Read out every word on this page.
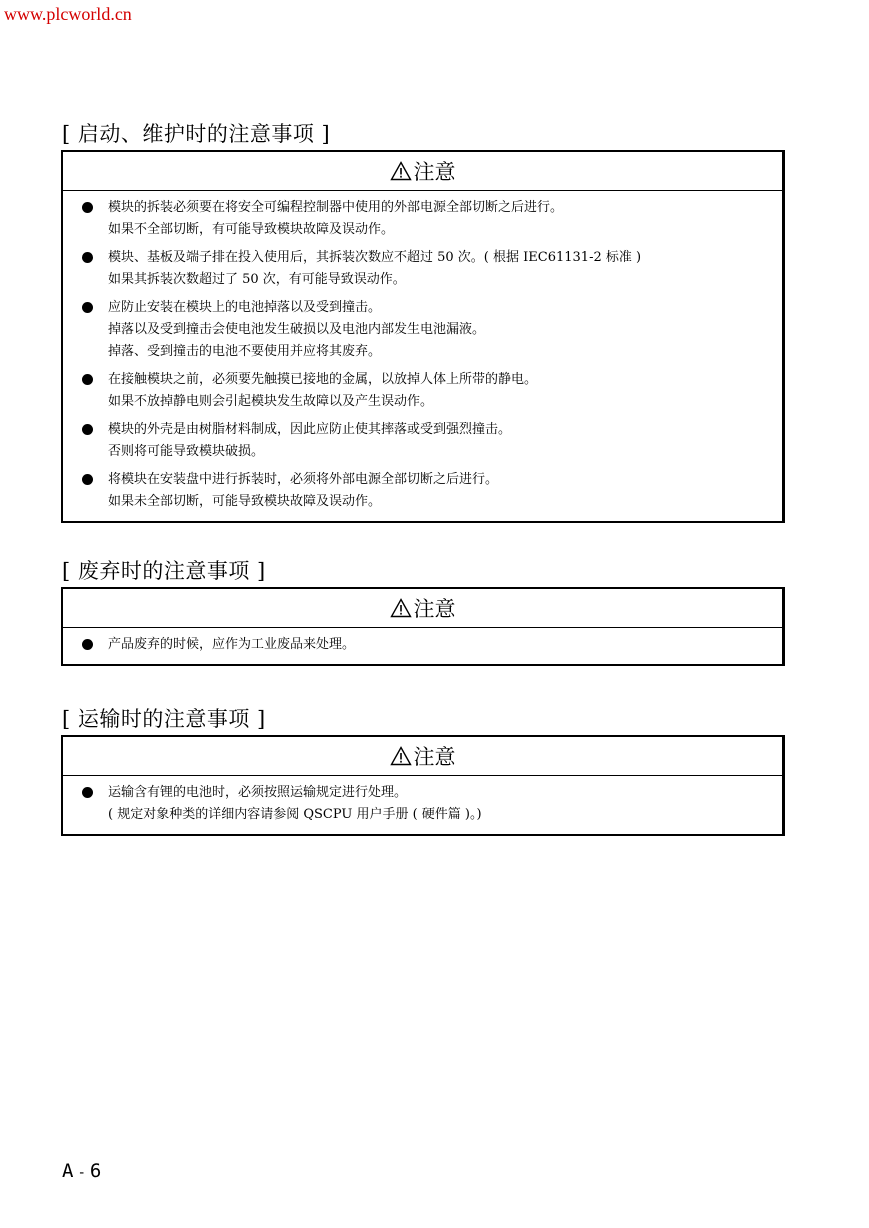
www.plcworld.cn
[ 启动、维护时的注意事项 ]
注意
模块的拆装必须要在将安全可编程控制器中使用的外部电源全部切断之后进行。
如果不全部切断，有可能导致模块故障及误动作。
模块、基板及端子排在投入使用后，其拆装次数应不超过 50 次。( 根据 IEC61131-2 标准 )
如果其拆装次数超过了 50 次，有可能导致误动作。
应防止安装在模块上的电池掉落以及受到撞击。
掉落以及受到撞击会使电池发生破损以及电池内部发生电池漏液。
掉落、受到撞击的电池不要使用并应将其废弃。
在接触模块之前，必须要先触摸已接地的金属，以放掉人体上所带的静电。
如果不放掉静电则会引起模块发生故障以及产生误动作。
模块的外壳是由树脂材料制成，因此应防止使其摔落或受到强烈撞击。
否则将可能导致模块破损。
将模块在安装盘中进行拆装时，必须将外部电源全部切断之后进行。
如果未全部切断，可能导致模块故障及误动作。
[ 废弃时的注意事项 ]
注意
产品废弃的时候，应作为工业废品来处理。
[ 运输时的注意事项 ]
注意
运输含有锂的电池时，必须按照运输规定进行处理。
( 规定对象种类的详细内容请参阅 QSCPU 用户手册 ( 硬件篇 )。)
A - 6
